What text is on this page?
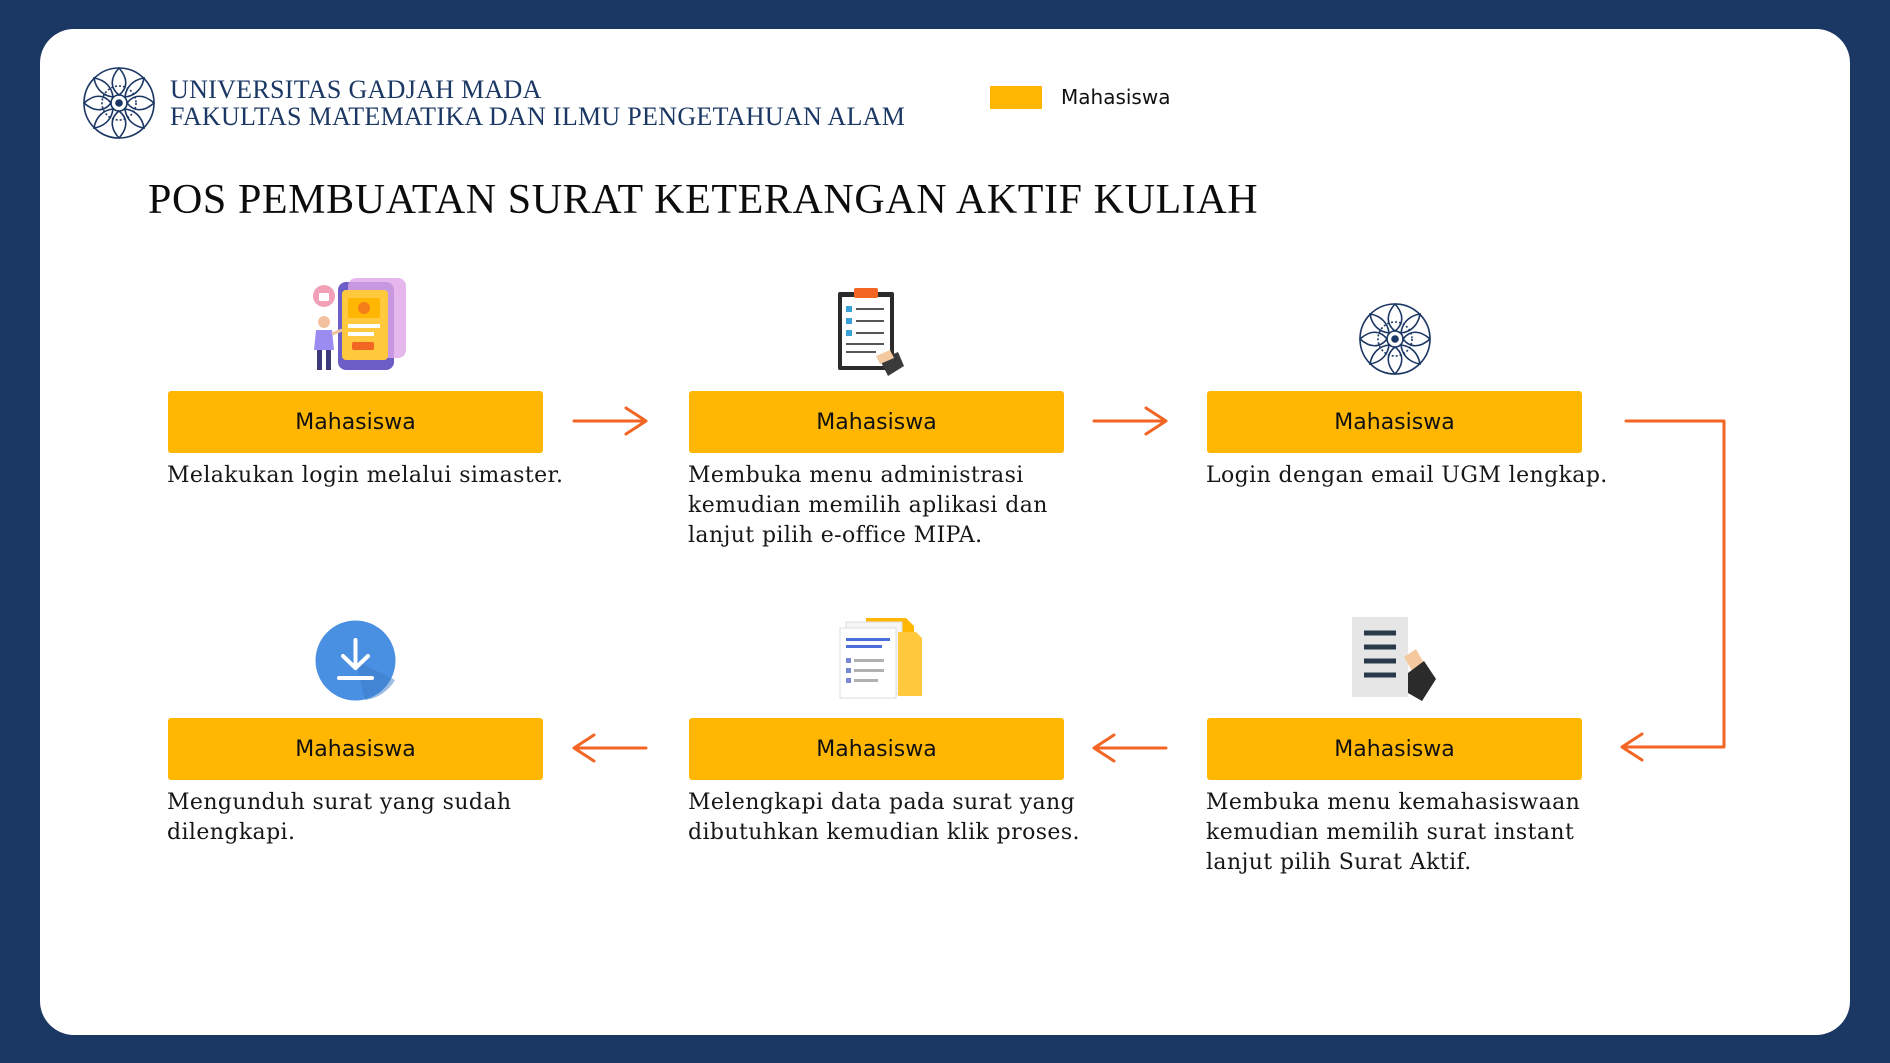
UNIVERSITAS GADJAH MADA
FAKULTAS MATEMATIKA DAN ILMU PENGETAHUAN ALAM
Mahasiswa
POS PEMBUATAN SURAT KETERANGAN AKTIF KULIAH
Mahasiswa	Mahasiswa	Mahasiswa
Mahasiswa
Mahasiswa
Mahasiswa
Melakukan login melalui simaster.	Membuka menu administrasi
kemudian memilih aplikasi dan
lanjut pilih e-office MIPA.
Login dengan email UGM lengkap.
Membuka menu kemahasiswaan
kemudian memilih surat instant
lanjut pilih Surat Aktif.
Melengkapi data pada surat yang
dibutuhkan kemudian klik proses.
Mengunduh surat yang sudah
dilengkapi.
